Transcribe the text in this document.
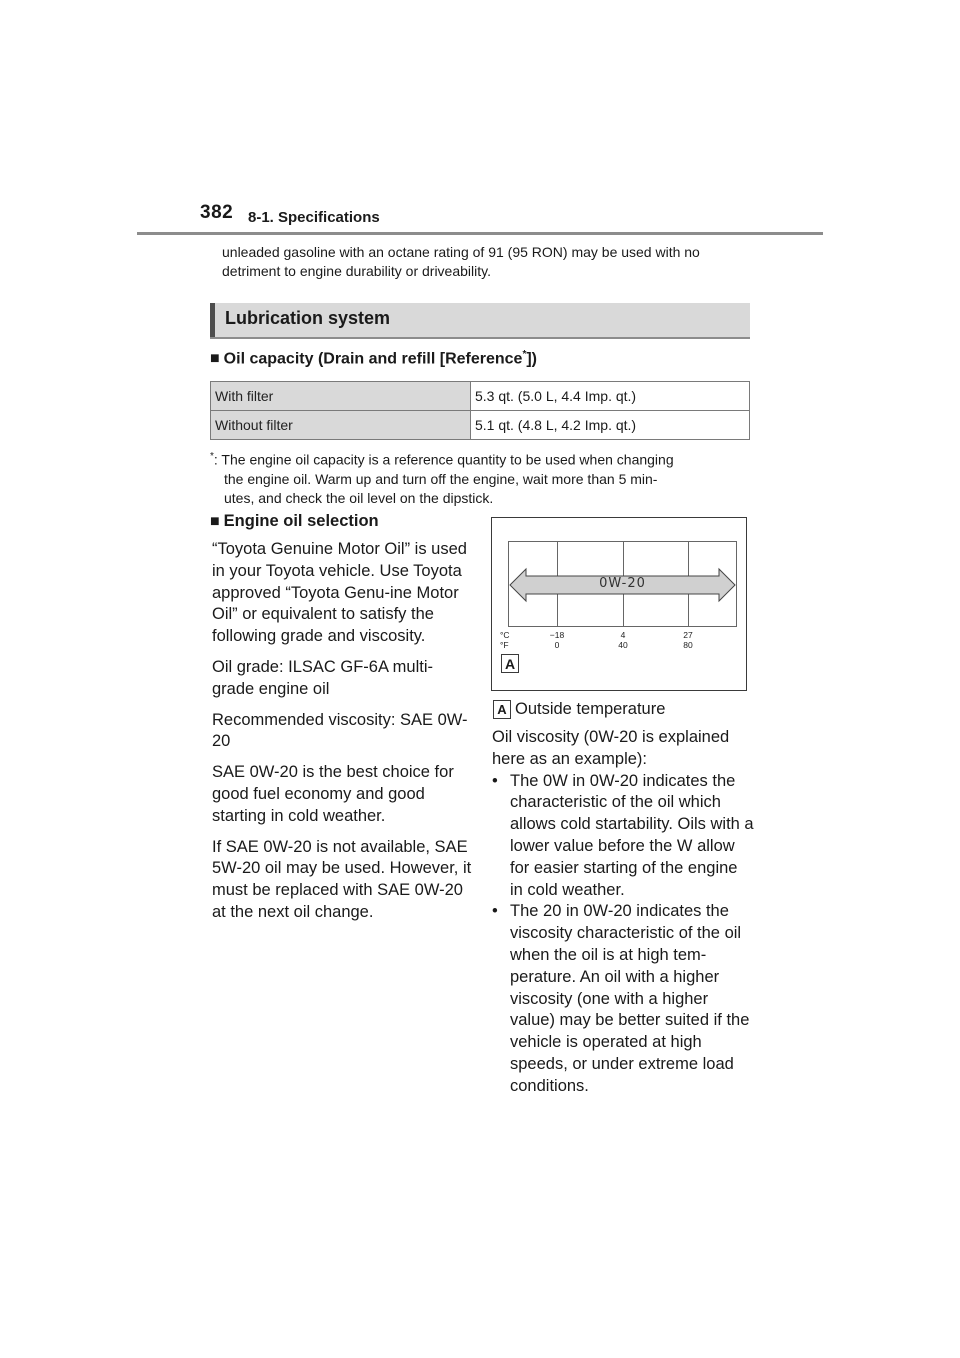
382 8-1. Specifications
unleaded gasoline with an octane rating of 91 (95 RON) may be used with no detriment to engine durability or driveability.
Lubrication system
■ Oil capacity (Drain and refill [Reference*])
With filter	5.3 qt. (5.0 L, 4.4 Imp. qt.)
Without filter	5.1 qt. (4.8 L, 4.2 Imp. qt.)
*: The engine oil capacity is a reference quantity to be used when changing
the engine oil. Warm up and turn off the engine, wait more than 5 min-
utes, and check the oil level on the dipstick.
■ Engine oil selection

“Toyota Genuine Motor Oil” is used in your Toyota vehicle. Use Toyota approved “Toyota Genu-ine Motor Oil” or equivalent to satisfy the following grade and viscosity.

Oil grade: ILSAC GF-6A multi-grade engine oil

Recommended viscosity: SAE 0W-20

SAE 0W-20 is the best choice for good fuel economy and good starting in cold weather.

If SAE 0W-20 is not available, SAE 5W-20 oil may be used. However, it must be replaced with SAE 0W-20 at the next oil change.

0W-20
°C
°F
−18
0
4
40
27
80
A
A Outside temperature

Oil viscosity (0W-20 is explained here as an example):

• The 0W in 0W-20 indicates the characteristic of the oil which allows cold startability. Oils with a lower value before the W allow for easier starting of the engine in cold weather.
• The 20 in 0W-20 indicates the viscosity characteristic of the oil when the oil is at high tem-perature. An oil with a higher viscosity (one with a higher value) may be better suited if the vehicle is operated at high speeds, or under extreme load conditions.
